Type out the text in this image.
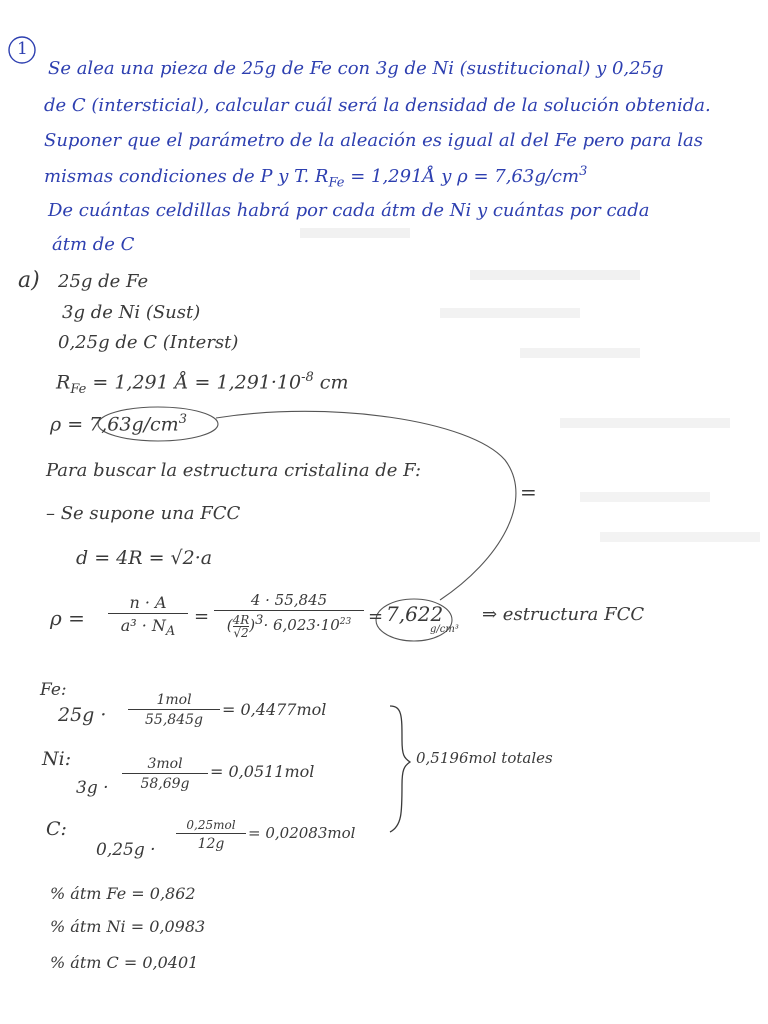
1
Se alea una pieza de 25g de Fe con 3g de Ni (sustitucional) y 0,25g
de C (intersticial), calcular cuál será la densidad de la solución obtenida.
Suponer que el parámetro de la aleación es igual al del Fe pero para las
mismas condiciones de P y T. $R_{Fe}$ = 1,291Å y $\rho = 7,63g/cm^3$
De cuántas celdillas habrá por cada átm de Ni y cuántas por cada
átm de C
a) 25g de Fe
3g de Ni (Sust)
0,25g de C (Interst)
$R_{Fe} = 1,291$ Å = $1,291\cdot 10^{-8}$ cm
$\rho = 7,63g/cm^3$
Para buscar la estructura cristalina de F:
=
– Se supone una FCC
d = 4R = √2·a
ρ =
n · A
$a^3 \cdot N_A$
=
4 · 55,845
( $\frac{4R}{√2} )^3\cdot 6,023\cdot 10^{23} = 7,622$
g/cm³
⇒ estructura FCC
Fe:
25g ·
1mol
55,845g
= 0,4477mol
Ni:
3g ·
3mol
58,69g
= 0,0511mol
C:
0,25g ·
0,25mol
12g
= 0,02083mol
0,5196mol totales
% átm Fe = 0,862
% átm Ni = 0,0983
% átm C = 0,0401
